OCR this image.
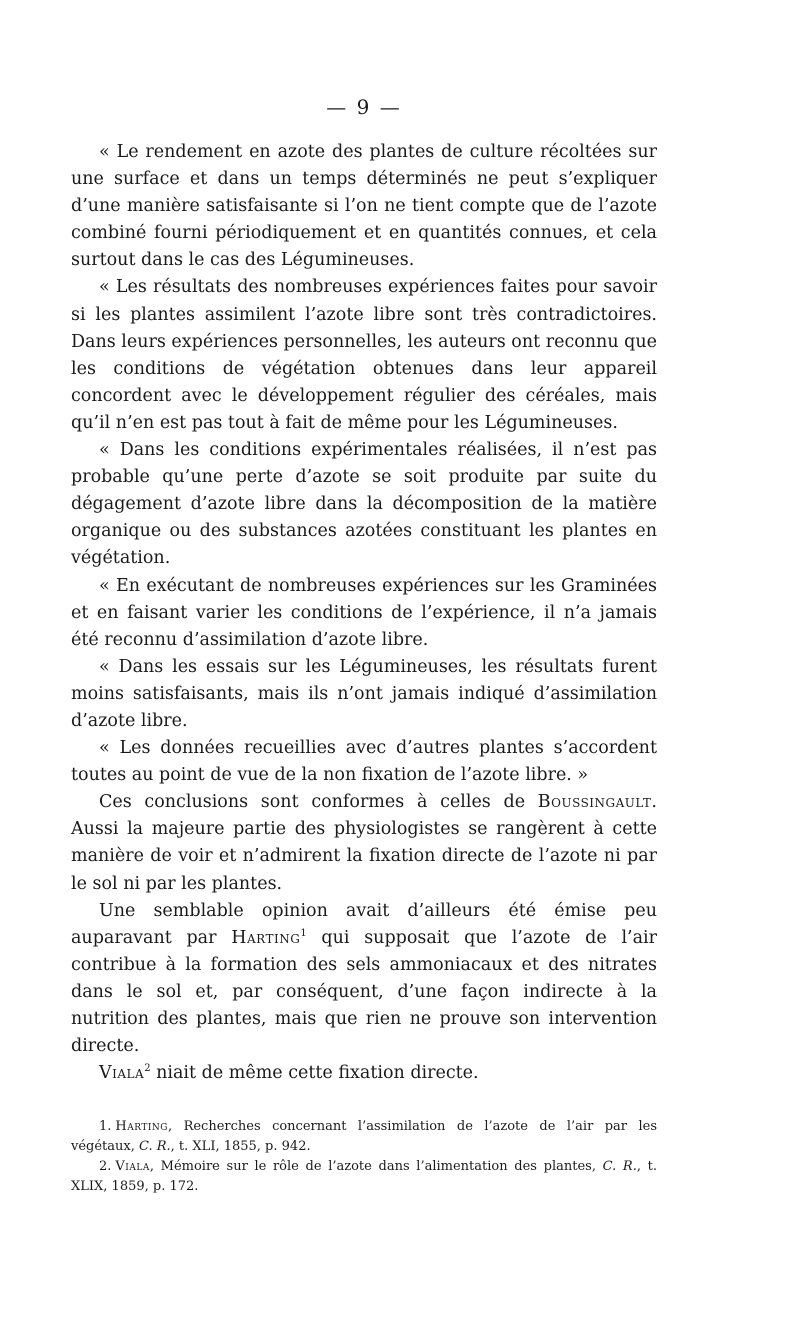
— 9 —

« Le rendement en azote des plantes de culture récoltées sur une surface et dans un temps déterminés ne peut s’expliquer d’une manière satisfaisante si l’on ne tient compte que de l’azote combiné fourni périodiquement et en quantités connues, et cela surtout dans le cas des Légumineuses.

« Les résultats des nombreuses expériences faites pour savoir si les plantes assimilent l’azote libre sont très contradictoires. Dans leurs expériences personnelles, les auteurs ont reconnu que les conditions de végétation obtenues dans leur appareil concordent avec le développement régulier des céréales, mais qu’il n’en est pas tout à fait de même pour les Légumineuses.

« Dans les conditions expérimentales réalisées, il n’est pas probable qu’une perte d’azote se soit produite par suite du dégagement d’azote libre dans la décomposition de la matière organique ou des substances azotées constituant les plantes en végétation.

« En exécutant de nombreuses expériences sur les Graminées et en faisant varier les conditions de l’expérience, il n’a jamais été reconnu d’assimilation d’azote libre.

« Dans les essais sur les Légumineuses, les résultats furent moins satisfaisants, mais ils n’ont jamais indiqué d’assimilation d’azote libre.

« Les données recueillies avec d’autres plantes s’accordent toutes au point de vue de la non fixation de l’azote libre. »

Ces conclusions sont conformes à celles de Boussingault. Aussi la majeure partie des physiologistes se rangèrent à cette manière de voir et n’admirent la fixation directe de l’azote ni par le sol ni par les plantes.

Une semblable opinion avait d’ailleurs été émise peu auparavant par Harting$^1$ qui supposait que l’azote de l’air contribue à la formation des sels ammoniacaux et des nitrates dans le sol et, par conséquent, d’une façon indirecte à la nutrition des plantes, mais que rien ne prouve son intervention directe.

Viala$^2$ niait de même cette fixation directe.

1. Harting, Recherches concernant l’assimilation de l’azote de l’air par les végétaux, C. R., t. XLI, 1855, p. 942.

2. Viala, Mémoire sur le rôle de l’azote dans l’alimentation des plantes, C. R., t. XLIX, 1859, p. 172.
